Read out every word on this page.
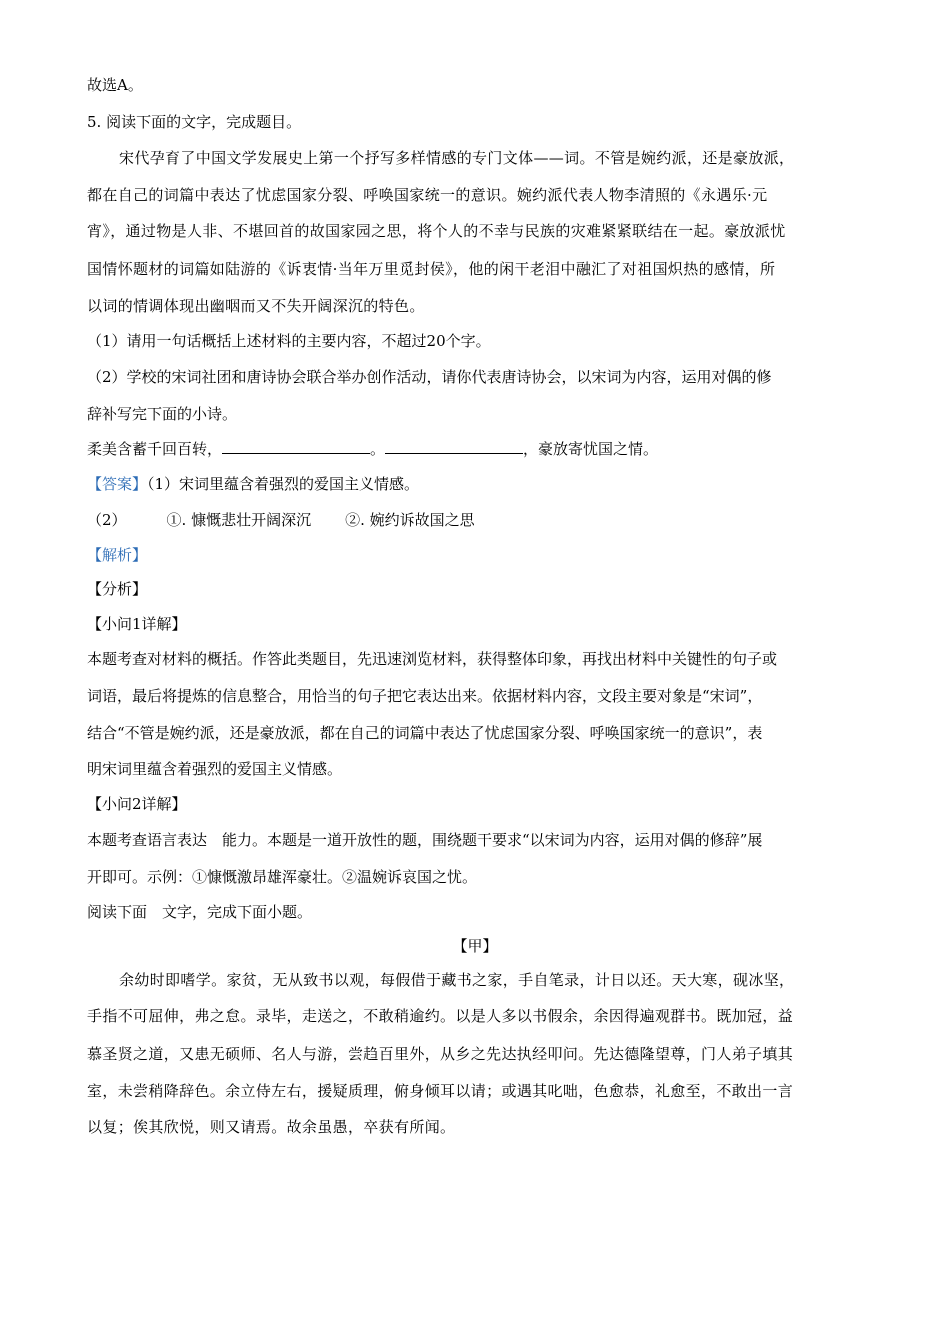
故选A。
5. 阅读下面的文字，完成题目。
宋代孕育了中国文学发展史上第一个抒写多样情感的专门文体——词。不管是婉约派，还是豪放派，
都在自己的词篇中表达了忧虑国家分裂、呼唤国家统一的意识。婉约派代表人物李清照的《永遇乐·元
宵》，通过物是人非、不堪回首的故国家园之思，将个人的不幸与民族的灾难紧紧联结在一起。豪放派忧
国情怀题材的词篇如陆游的《诉衷情·当年万里觅封侯》，他的闲干老泪中融汇了对祖国炽热的感情，所
以词的情调体现出幽咽而又不失开阔深沉的特色。
（1）请用一句话概括上述材料的主要内容，不超过20个字。
（2）学校的宋词社团和唐诗协会联合举办创作活动，请你代表唐诗协会，以宋词为内容，运用对偶的修
辞补写完下面的小诗。
柔美含蓄千回百转，	。	，豪放寄忧国之情。
【答案】（1）宋词里蕴含着强烈的爱国主义情感。
（2）	①. 慷慨悲壮开阔深沉 ②. 婉约诉故国之思
【解析】
【分析】
【小问1详解】
本题考查对材料的概括。作答此类题目，先迅速浏览材料，获得整体印象，再找出材料中关键性的句子或
词语，最后将提炼的信息整合，用恰当的句子把它表达出来。依据材料内容，文段主要对象是“宋词”，
结合“不管是婉约派，还是豪放派，都在自己的词篇中表达了忧虑国家分裂、呼唤国家统一的意识”，表
明宋词里蕴含着强烈的爱国主义情感。
【小问2详解】
本题考查语言表达 能力。本题是一道开放性的题，围绕题干要求“以宋词为内容，运用对偶的修辞”展
开即可。示例：①慷慨激昂雄浑豪壮。②温婉诉哀国之忧。
阅读下面 文字，完成下面小题。
【甲】
余幼时即嗜学。家贫，无从致书以观，每假借于藏书之家，手自笔录，计日以还。天大寒，砚冰坚，
手指不可屈伸，弗之怠。录毕，走送之，不敢稍逾约。以是人多以书假余，余因得遍观群书。既加冠，益
慕圣贤之道，又患无硕师、名人与游，尝趋百里外，从乡之先达执经叩问。先达德隆望尊，门人弟子填其
室，未尝稍降辞色。余立侍左右，援疑质理，俯身倾耳以请；或遇其叱咄，色愈恭，礼愈至，不敢出一言
以复；俟其欣悦，则又请焉。故余虽愚，卒获有所闻。
